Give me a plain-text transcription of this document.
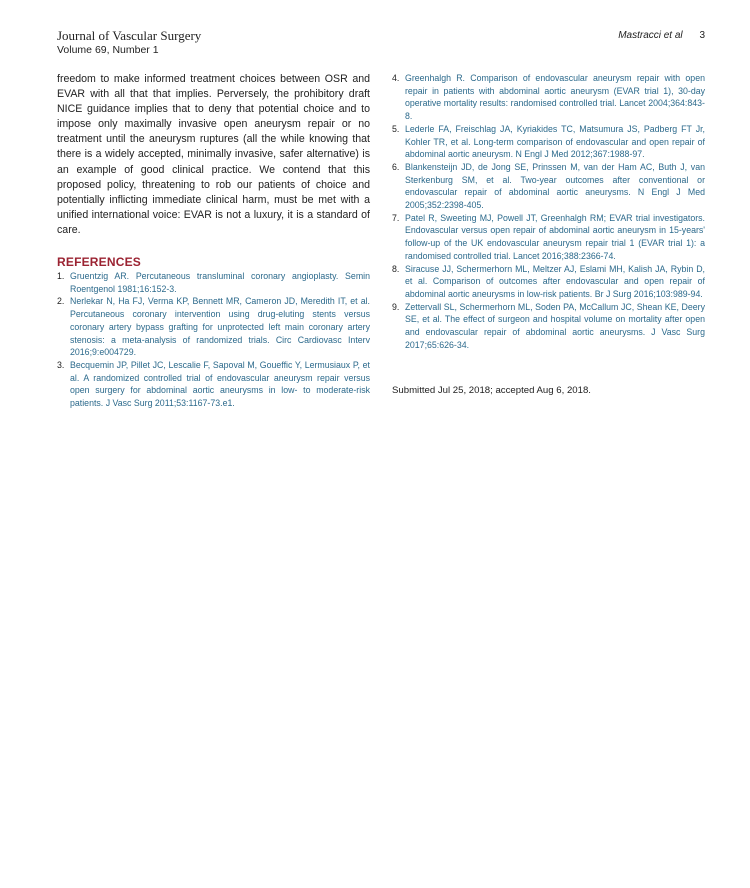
Journal of Vascular Surgery
Volume 69, Number 1
Mastracci et al 3

freedom to make informed treatment choices between OSR and EVAR with all that that implies. Perversely, the prohibitory draft NICE guidance implies that to deny that potential choice and to impose only maximally invasive open aneurysm repair or no treatment until the aneurysm ruptures (all the while knowing that there is a widely accepted, minimally invasive, safer alternative) is an example of good clinical practice. We contend that this proposed policy, threatening to rob our patients of choice and potentially inflicting immediate clinical harm, must be met with a unified international voice: EVAR is not a luxury, it is a standard of care.

REFERENCES
1. Gruentzig AR. Percutaneous transluminal coronary angioplasty. Semin Roentgenol 1981;16:152-3.
2. Nerlekar N, Ha FJ, Verma KP, Bennett MR, Cameron JD, Meredith IT, et al. Percutaneous coronary intervention using drug-eluting stents versus coronary artery bypass grafting for unprotected left main coronary artery stenosis: a meta-analysis of randomized trials. Circ Cardiovasc Interv 2016;9:e004729.
3. Becquemin JP, Pillet JC, Lescalie F, Sapoval M, Goueffic Y, Lermusiaux P, et al. A randomized controlled trial of endovascular aneurysm repair versus open surgery for abdominal aortic aneurysms in low- to moderate-risk patients. J Vasc Surg 2011;53:1167-73.e1.
4. Greenhalgh R. Comparison of endovascular aneurysm repair with open repair in patients with abdominal aortic aneurysm (EVAR trial 1), 30-day operative mortality results: randomised controlled trial. Lancet 2004;364:843-8.
5. Lederle FA, Freischlag JA, Kyriakides TC, Matsumura JS, Padberg FT Jr, Kohler TR, et al. Long-term comparison of endovascular and open repair of abdominal aortic aneurysm. N Engl J Med 2012;367:1988-97.
6. Blankensteijn JD, de Jong SE, Prinssen M, van der Ham AC, Buth J, van Sterkenburg SM, et al. Two-year outcomes after conventional or endovascular repair of abdominal aortic aneurysms. N Engl J Med 2005;352:2398-405.
7. Patel R, Sweeting MJ, Powell JT, Greenhalgh RM; EVAR trial investigators. Endovascular versus open repair of abdominal aortic aneurysm in 15-years' follow-up of the UK endovascular aneurysm repair trial 1 (EVAR trial 1): a randomised controlled trial. Lancet 2016;388:2366-74.
8. Siracuse JJ, Schermerhorn ML, Meltzer AJ, Eslami MH, Kalish JA, Rybin D, et al. Comparison of outcomes after endovascular and open repair of abdominal aortic aneurysms in low-risk patients. Br J Surg 2016;103:989-94.
9. Zettervall SL, Schermerhorn ML, Soden PA, McCallum JC, Shean KE, Deery SE, et al. The effect of surgeon and hospital volume on mortality after open and endovascular repair of abdominal aortic aneurysms. J Vasc Surg 2017;65:626-34.
Submitted Jul 25, 2018; accepted Aug 6, 2018.
